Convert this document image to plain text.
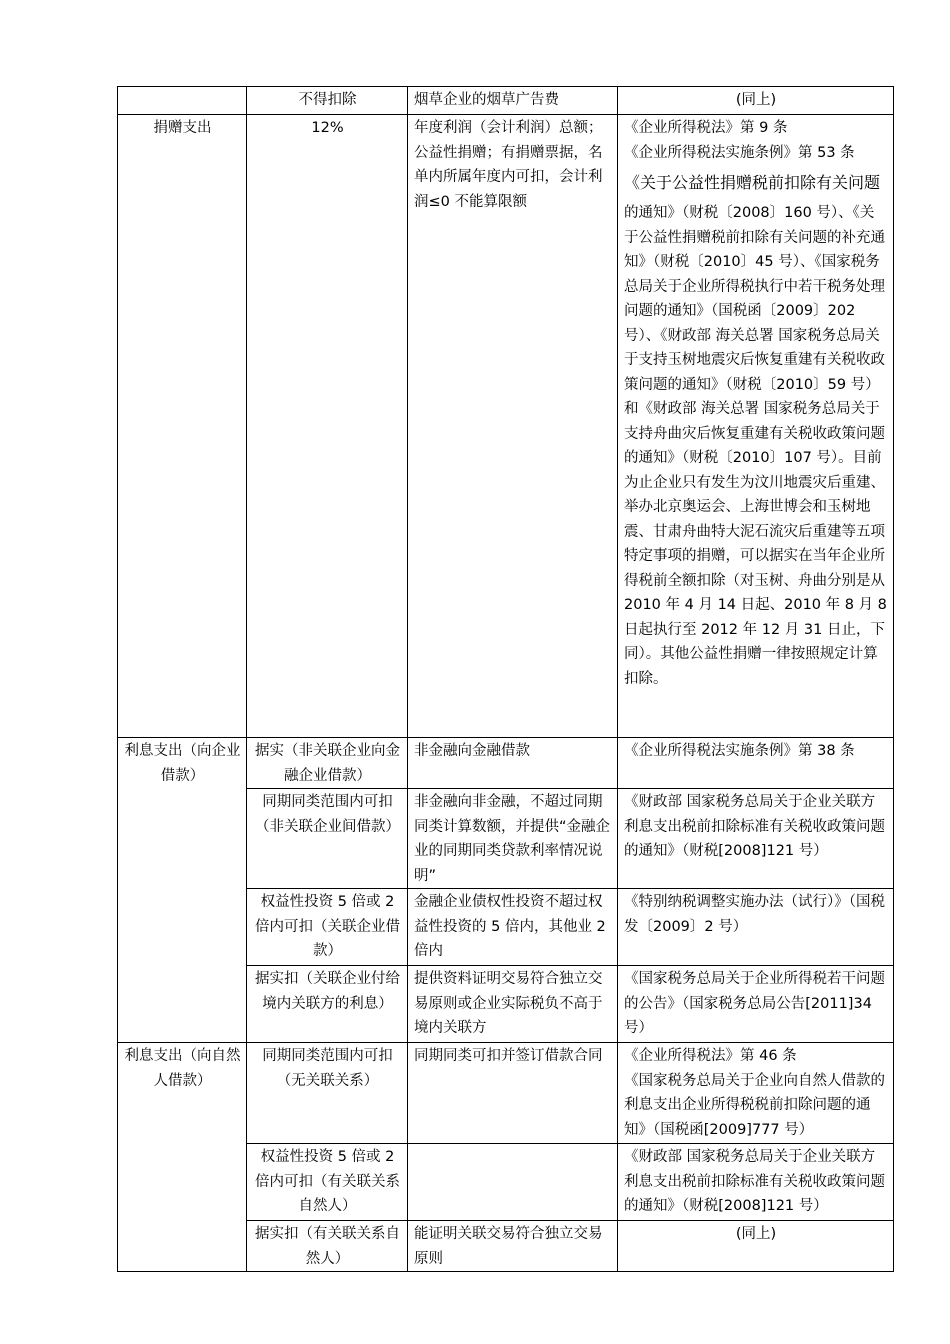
	不得扣除	烟草企业的烟草广告费	(同上)
捐赠支出	12%	年度利润（会计利润）总额；公益性捐赠；有捐赠票据，名单内所属年度内可扣，会计利润≤0 不能算限额	《企业所得税法》第 9 条
《企业所得税法实施条例》第 53 条
《关于公益性捐赠税前扣除有关问题
的通知》（财税〔2008〕160 号）、《关于公益性捐赠税前扣除有关问题的补充通知》（财税〔2010〕45 号）、《国家税务总局关于企业所得税执行中若干税务处理问题的通知》（国税函〔2009〕202 号）、《财政部 海关总署 国家税务总局关于支持玉树地震灾后恢复重建有关税收政策问题的通知》（财税〔2010〕59 号）和《财政部 海关总署 国家税务总局关于支持舟曲灾后恢复重建有关税收政策问题的通知》（财税〔2010〕107 号）。目前为止企业只有发生为汶川地震灾后重建、举办北京奥运会、上海世博会和玉树地震、甘肃舟曲特大泥石流灾后重建等五项特定事项的捐赠，可以据实在当年企业所得税前全额扣除（对玉树、舟曲分别是从 2010 年 4 月 14 日起、2010 年 8 月 8 日起执行至 2012 年 12 月 31 日止，下同）。其他公益性捐赠一律按照规定计算扣除。

利息支出（向企业借款）	据实（非关联企业向金融企业借款）	非金融向金融借款	《企业所得税法实施条例》第 38 条
	同期同类范围内可扣（非关联企业间借款）	非金融向非金融，不超过同期同类计算数额，并提供“金融企业的同期同类贷款利率情况说明”	《财政部 国家税务总局关于企业关联方利息支出税前扣除标准有关税收政策问题的通知》（财税[2008]121 号）
	权益性投资 5 倍或 2 倍内可扣（关联企业借款）	金融企业债权性投资不超过权益性投资的 5 倍内，其他业 2 倍内	《特别纳税调整实施办法（试行）》（国税发〔2009〕2 号）
	据实扣（关联企业付给境内关联方的利息）	提供资料证明交易符合独立交易原则或企业实际税负不高于境内关联方	《国家税务总局关于企业所得税若干问题的公告》（国家税务总局公告[2011]34 号）
利息支出（向自然人借款）	同期同类范围内可扣（无关联关系）	同期同类可扣并签订借款合同	《企业所得税法》第 46 条
《国家税务总局关于企业向自然人借款的利息支出企业所得税税前扣除问题的通知》（国税函[2009]777 号）

	权益性投资 5 倍或 2 倍内可扣（有关联关系自然人）		《财政部 国家税务总局关于企业关联方利息支出税前扣除标准有关税收政策问题的通知》（财税[2008]121 号）
	据实扣（有关联关系自然人）	能证明关联交易符合独立交易原则	(同上)
